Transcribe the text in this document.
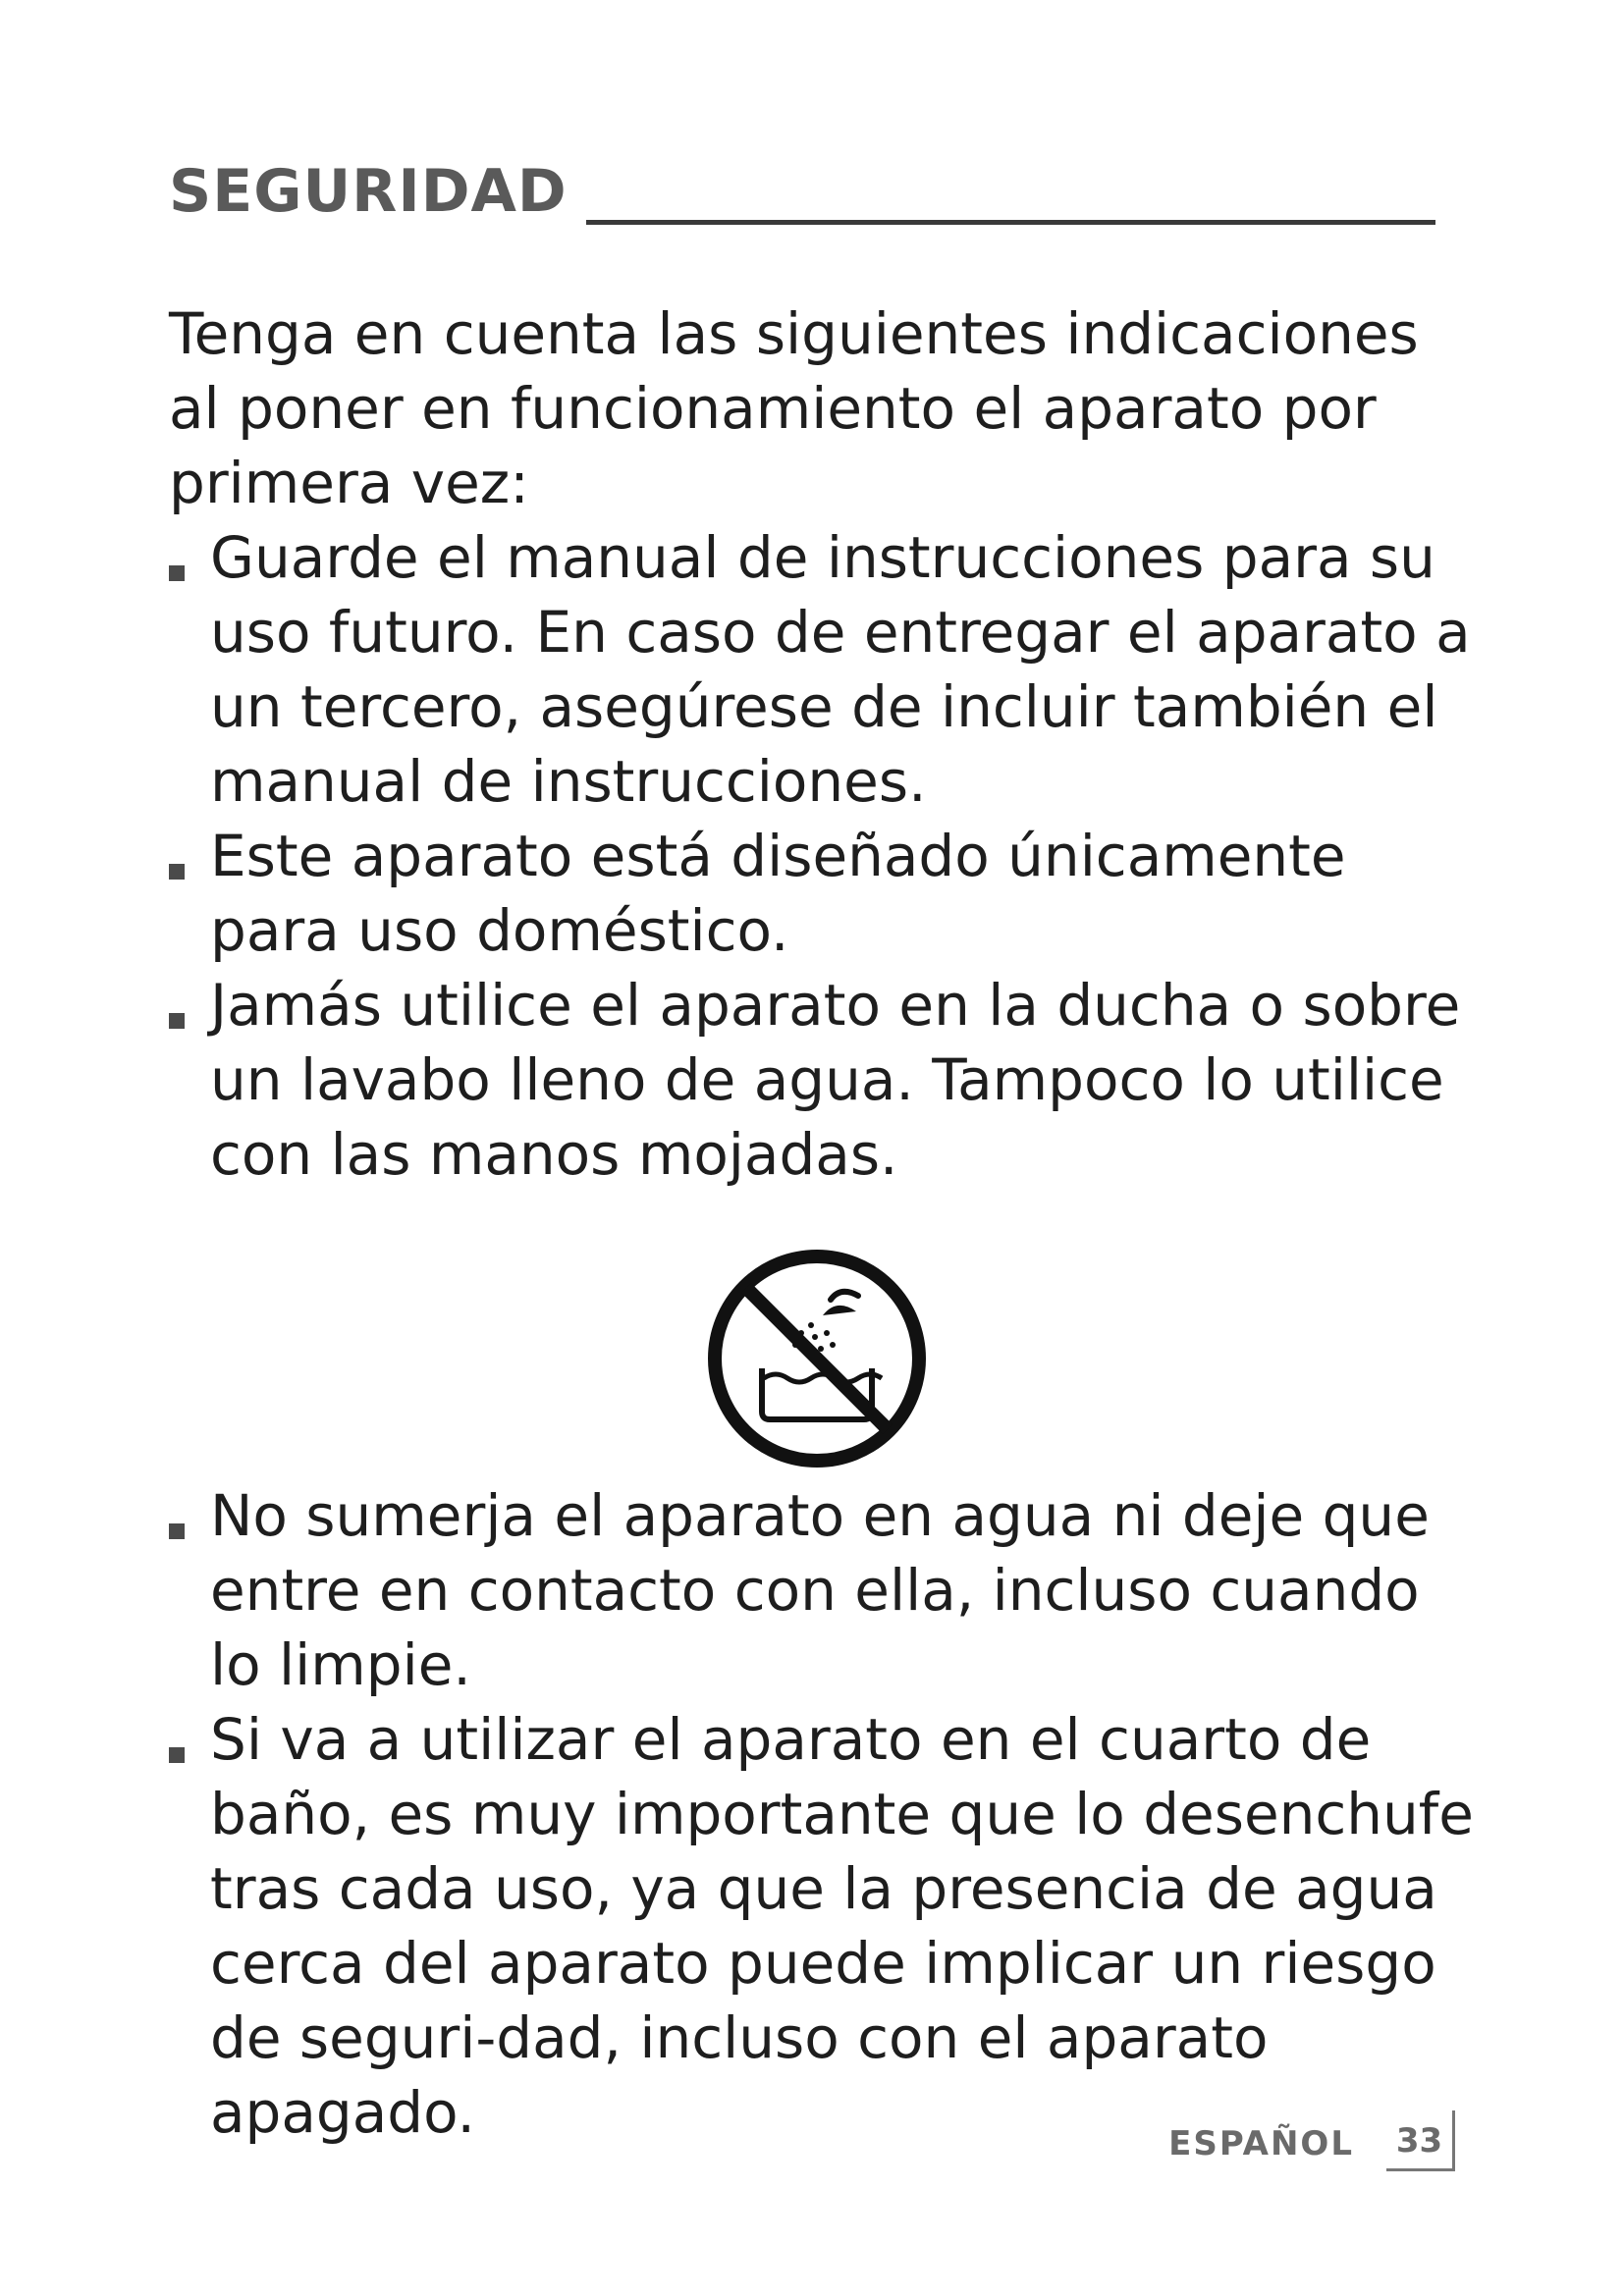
SEGURIDAD

Tenga en cuenta las siguientes indicaciones al poner en funcionamiento el aparato por primera vez:

Guarde el manual de instrucciones para su uso futuro. En caso de entregar el aparato a un tercero, asegúrese de incluir también el manual de instrucciones.
Este aparato está diseñado únicamente para uso doméstico.
Jamás utilice el aparato en la ducha o sobre un lavabo lleno de agua. Tampoco lo utilice con las manos mojadas.
No sumerja el aparato en agua ni deje que entre en contacto con ella, incluso cuando lo limpie.
Si va a utilizar el aparato en el cuarto de baño, es muy importante que lo desenchufe tras cada uso, ya que la presencia de agua cerca del aparato puede implicar un riesgo de seguri-dad, incluso con el aparato apagado.	ESPAÑOL 33
